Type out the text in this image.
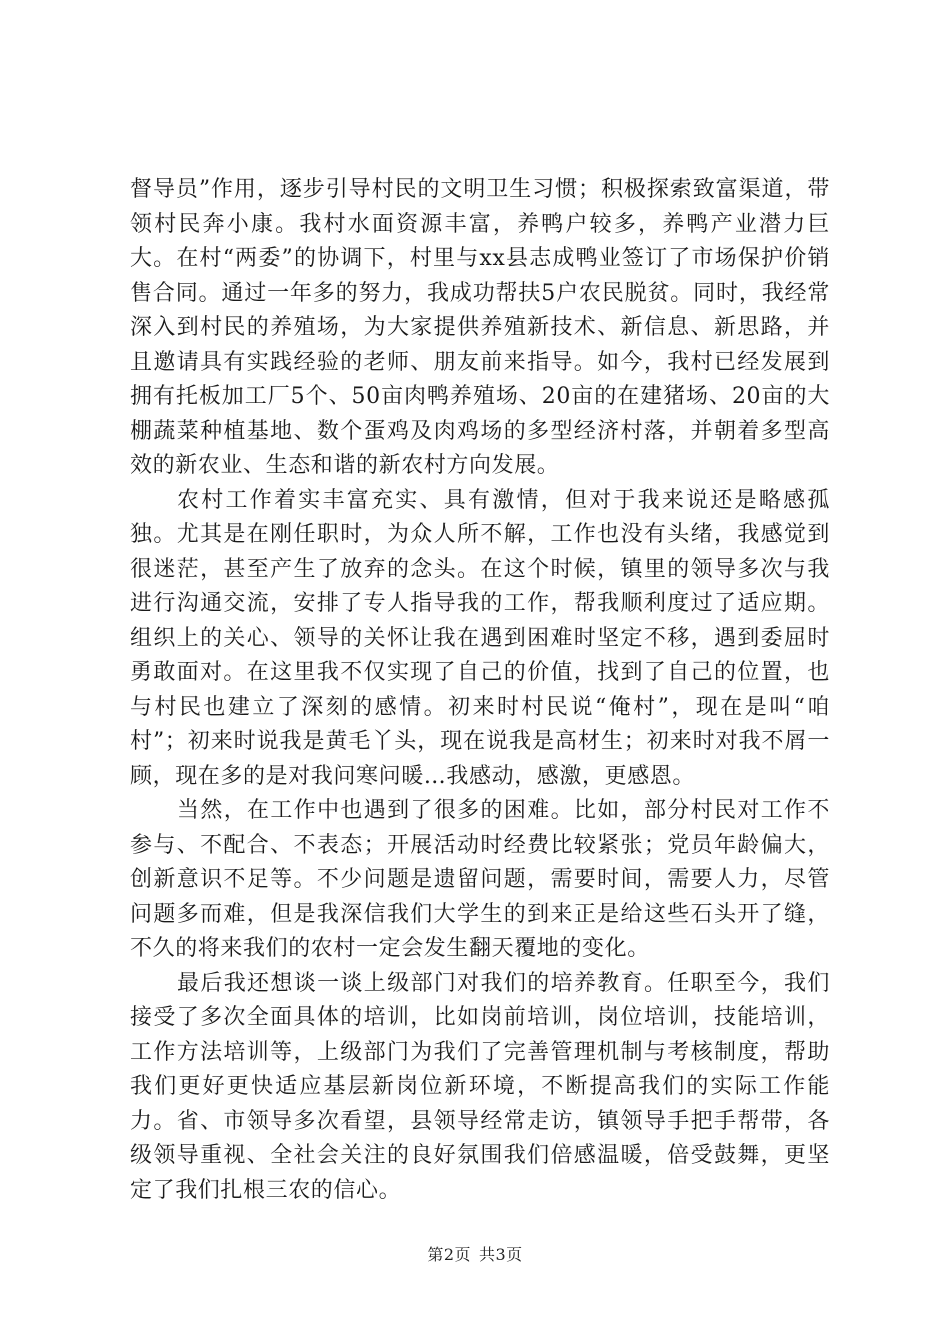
督导员”作用，逐步引导村民的文明卫生习惯；积极探索致富渠道，带领村民奔小康。我村水面资源丰富，养鸭户较多，养鸭产业潜力巨大。在村“两委”的协调下，村里与xx县志成鸭业签订了市场保护价销售合同。通过一年多的努力，我成功帮扶5户农民脱贫。同时，我经常深入到村民的养殖场，为大家提供养殖新技术、新信息、新思路，并且邀请具有实践经验的老师、朋友前来指导。如今，我村已经发展到拥有托板加工厂5个、50亩肉鸭养殖场、20亩的在建猪场、20亩的大棚蔬菜种植基地、数个蛋鸡及肉鸡场的多型经济村落，并朝着多型高效的新农业、生态和谐的新农村方向发展。

农村工作着实丰富充实、具有激情，但对于我来说还是略感孤独。尤其是在刚任职时，为众人所不解，工作也没有头绪，我感觉到很迷茫，甚至产生了放弃的念头。在这个时候，镇里的领导多次与我进行沟通交流，安排了专人指导我的工作，帮我顺利度过了适应期。组织上的关心、领导的关怀让我在遇到困难时坚定不移，遇到委屈时勇敢面对。在这里我不仅实现了自己的价值，找到了自己的位置，也与村民也建立了深刻的感情。初来时村民说“俺村”，现在是叫“咱村”；初来时说我是黄毛丫头，现在说我是高材生；初来时对我不屑一顾，现在多的是对我问寒问暖…我感动，感激，更感恩。

当然，在工作中也遇到了很多的困难。比如，部分村民对工作不参与、不配合、不表态；开展活动时经费比较紧张；党员年龄偏大，创新意识不足等。不少问题是遗留问题，需要时间，需要人力，尽管问题多而难，但是我深信我们大学生的到来正是给这些石头开了缝，不久的将来我们的农村一定会发生翻天覆地的变化。

最后我还想谈一谈上级部门对我们的培养教育。任职至今，我们接受了多次全面具体的培训，比如岗前培训，岗位培训，技能培训，工作方法培训等，上级部门为我们了完善管理机制与考核制度，帮助我们更好更快适应基层新岗位新环境，不断提高我们的实际工作能力。省、市领导多次看望，县领导经常走访，镇领导手把手帮带，各级领导重视、全社会关注的良好氛围我们倍感温暖，倍受鼓舞，更坚定了我们扎根三农的信心。

第2页 共3页
